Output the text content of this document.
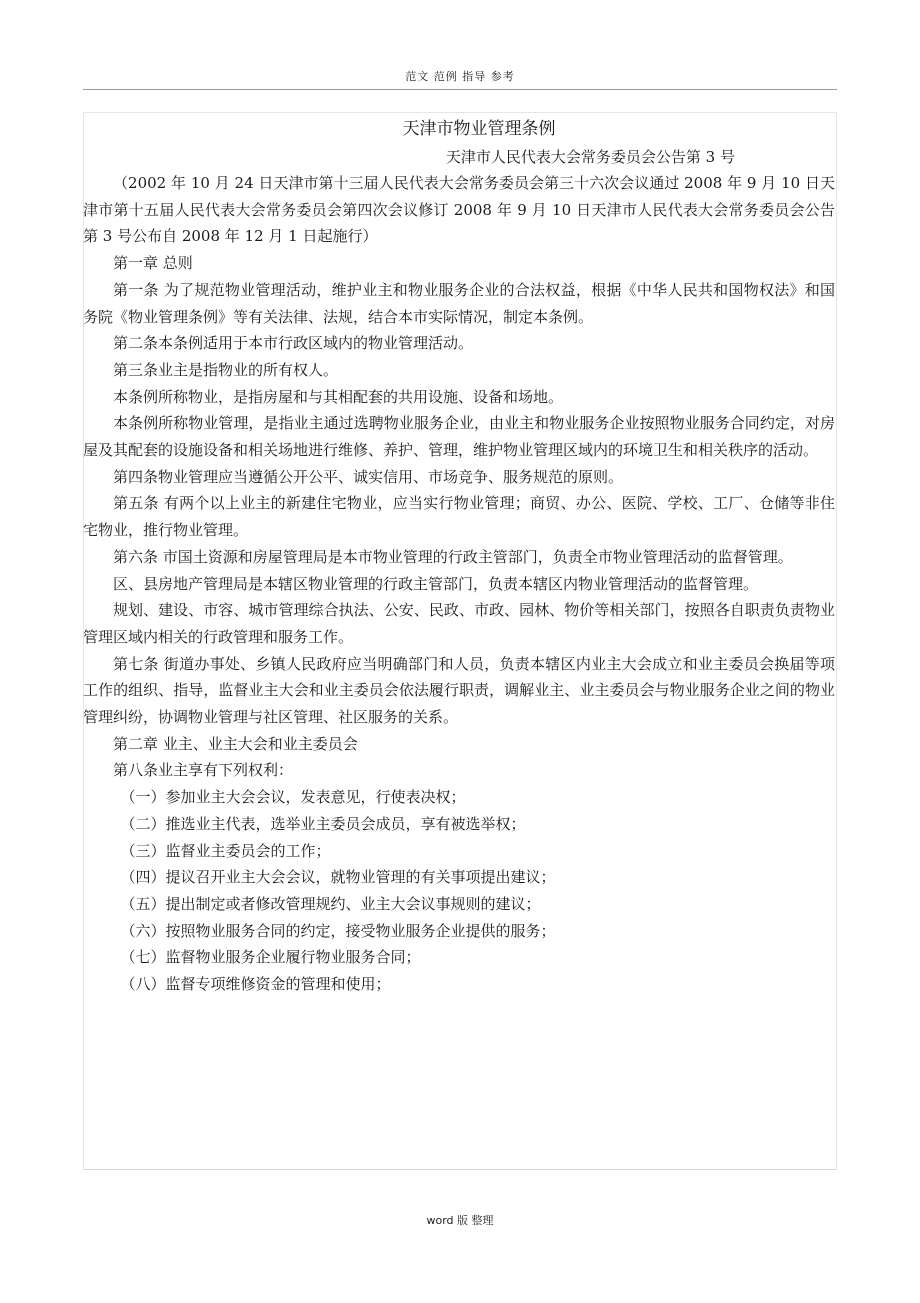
范文 范例 指导 参考
天津市物业管理条例
天津市人民代表大会常务委员会公告第 3 号

（2002 年 10 月 24 日天津市第十三届人民代表大会常务委员会第三十六次会议通过 2008 年 9 月 10 日天津市第十五届人民代表大会常务委员会第四次会议修订 2008 年 9 月 10 日天津市人民代表大会常务委员会公告第 3 号公布自 2008 年 12 月 1 日起施行）

第一章 总则

第一条 为了规范物业管理活动，维护业主和物业服务企业的合法权益，根据《中华人民共和国物权法》和国务院《物业管理条例》等有关法律、法规，结合本市实际情况，制定本条例。

第二条本条例适用于本市行政区域内的物业管理活动。

第三条业主是指物业的所有权人。

本条例所称物业，是指房屋和与其相配套的共用设施、设备和场地。

本条例所称物业管理，是指业主通过选聘物业服务企业，由业主和物业服务企业按照物业服务合同约定，对房屋及其配套的设施设备和相关场地进行维修、养护、管理，维护物业管理区域内的环境卫生和相关秩序的活动。

第四条物业管理应当遵循公开公平、诚实信用、市场竞争、服务规范的原则。

第五条 有两个以上业主的新建住宅物业，应当实行物业管理；商贸、办公、医院、学校、工厂、仓储等非住宅物业，推行物业管理。

第六条 市国土资源和房屋管理局是本市物业管理的行政主管部门，负责全市物业管理活动的监督管理。

区、县房地产管理局是本辖区物业管理的行政主管部门，负责本辖区内物业管理活动的监督管理。

规划、建设、市容、城市管理综合执法、公安、民政、市政、园林、物价等相关部门，按照各自职责负责物业管理区域内相关的行政管理和服务工作。

第七条 街道办事处、乡镇人民政府应当明确部门和人员，负责本辖区内业主大会成立和业主委员会换届等项工作的组织、指导，监督业主大会和业主委员会依法履行职责，调解业主、业主委员会与物业服务企业之间的物业管理纠纷，协调物业管理与社区管理、社区服务的关系。

第二章 业主、业主大会和业主委员会

第八条业主享有下列权利：

（一）参加业主大会会议，发表意见，行使表决权；

（二）推选业主代表，选举业主委员会成员，享有被选举权；

（三）监督业主委员会的工作；

（四）提议召开业主大会会议，就物业管理的有关事项提出建议；

（五）提出制定或者修改管理规约、业主大会议事规则的建议；

（六）按照物业服务合同的约定，接受物业服务企业提供的服务；

（七）监督物业服务企业履行物业服务合同；

（八）监督专项维修资金的管理和使用；

word 版 整理
